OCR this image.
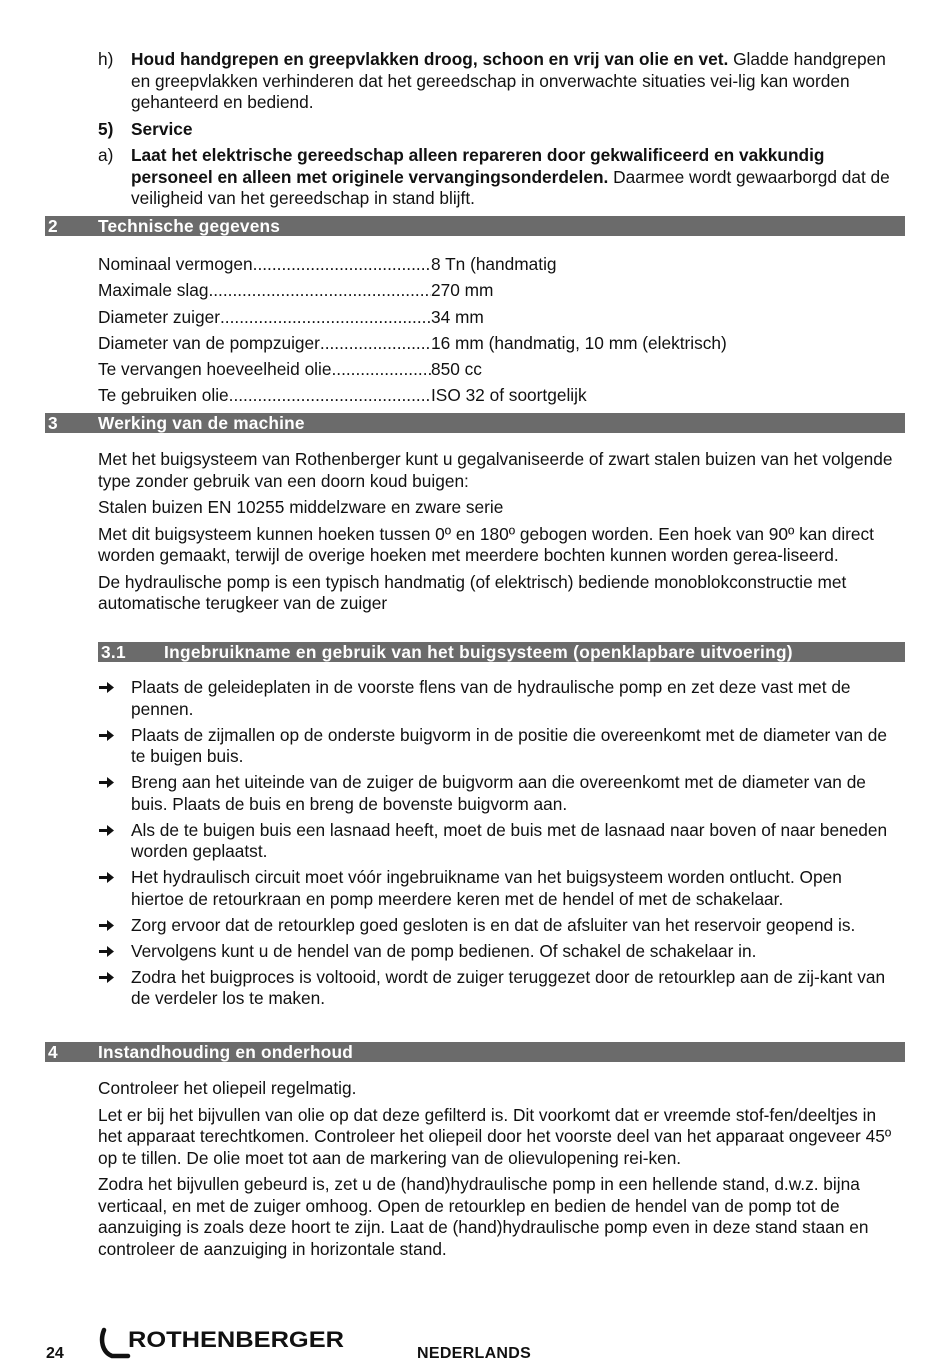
h)	Houd handgrepen en greepvlakken droog, schoon en vrij van olie en vet. Gladde handgrepen en greepvlakken verhinderen dat het gereedschap in onverwachte situaties vei-lig kan worden gehanteerd en bediend.
5)	Service
a)	Laat het elektrische gereedschap alleen repareren door gekwalificeerd en vakkundig personeel en alleen met originele vervangingsonderdelen. Daarmee wordt gewaarborgd dat de veiligheid van het gereedschap in stand blijft.
2 Technische gegevens
Nominaal vermogen .....	8 Tn (handmatig
Maximale slag .....	270 mm
Diameter zuiger .....	34 mm
Diameter van de pompzuiger .....	16 mm (handmatig, 10 mm (elektrisch)
Te vervangen hoeveelheid olie .....	850 cc
Te gebruiken olie .....	ISO 32 of soortgelijk
3 Werking van de machine
Met het buigsysteem van Rothenberger kunt u gegalvaniseerde of zwart stalen buizen van het volgende type zonder gebruik van een doorn koud buigen:
Stalen buizen EN 10255 middelzware en zware serie
Met dit buigsysteem kunnen hoeken tussen 0º en 180º gebogen worden. Een hoek van 90º kan direct worden gemaakt, terwijl de overige hoeken met meerdere bochten kunnen worden gerea-liseerd.
De hydraulische pomp is een typisch handmatig (of elektrisch) bediende monoblokconstructie met automatische terugkeer van de zuiger
3.1 Ingebruikname en gebruik van het buigsysteem (openklapbare uitvoering)
Plaats de geleideplaten in de voorste flens van de hydraulische pomp en zet deze vast met de pennen.
Plaats de zijmallen op de onderste buigvorm in de positie die overeenkomt met de diameter van de te buigen buis.
Breng aan het uiteinde van de zuiger de buigvorm aan die overeenkomt met de diameter van de buis. Plaats de buis en breng de bovenste buigvorm aan.
Als de te buigen buis een lasnaad heeft, moet de buis met de lasnaad naar boven of naar beneden worden geplaatst.
Het hydraulisch circuit moet vóór ingebruikname van het buigsysteem worden ontlucht. Open hiertoe de retourkraan en pomp meerdere keren met de hendel of met de schakelaar.
Zorg ervoor dat de retourklep goed gesloten is en dat de afsluiter van het reservoir geopend is.
Vervolgens kunt u de hendel van de pomp bedienen. Of schakel de schakelaar in.
Zodra het buigproces is voltooid, wordt de zuiger teruggezet door de retourklep aan de zij-kant van de verdeler los te maken.
4 Instandhouding en onderhoud
Controleer het oliepeil regelmatig.
Let er bij het bijvullen van olie op dat deze gefilterd is. Dit voorkomt dat er vreemde stof-fen/deeltjes in het apparaat terechtkomen. Controleer het oliepeil door het voorste deel van het apparaat ongeveer 45º op te tillen. De olie moet tot aan de markering van de olievulopening rei-ken.
Zodra het bijvullen gebeurd is, zet u de (hand)hydraulische pomp in een hellende stand, d.w.z. bijna verticaal, en met de zuiger omhoog. Open de retourklep en bedien de hendel van de pomp tot de aanzuiging is zoals deze hoort te zijn. Laat de (hand)hydraulische pomp even in deze stand staan en controleer de aanzuiging in horizontale stand.
24
ROTHENBERGER
NEDERLANDS
